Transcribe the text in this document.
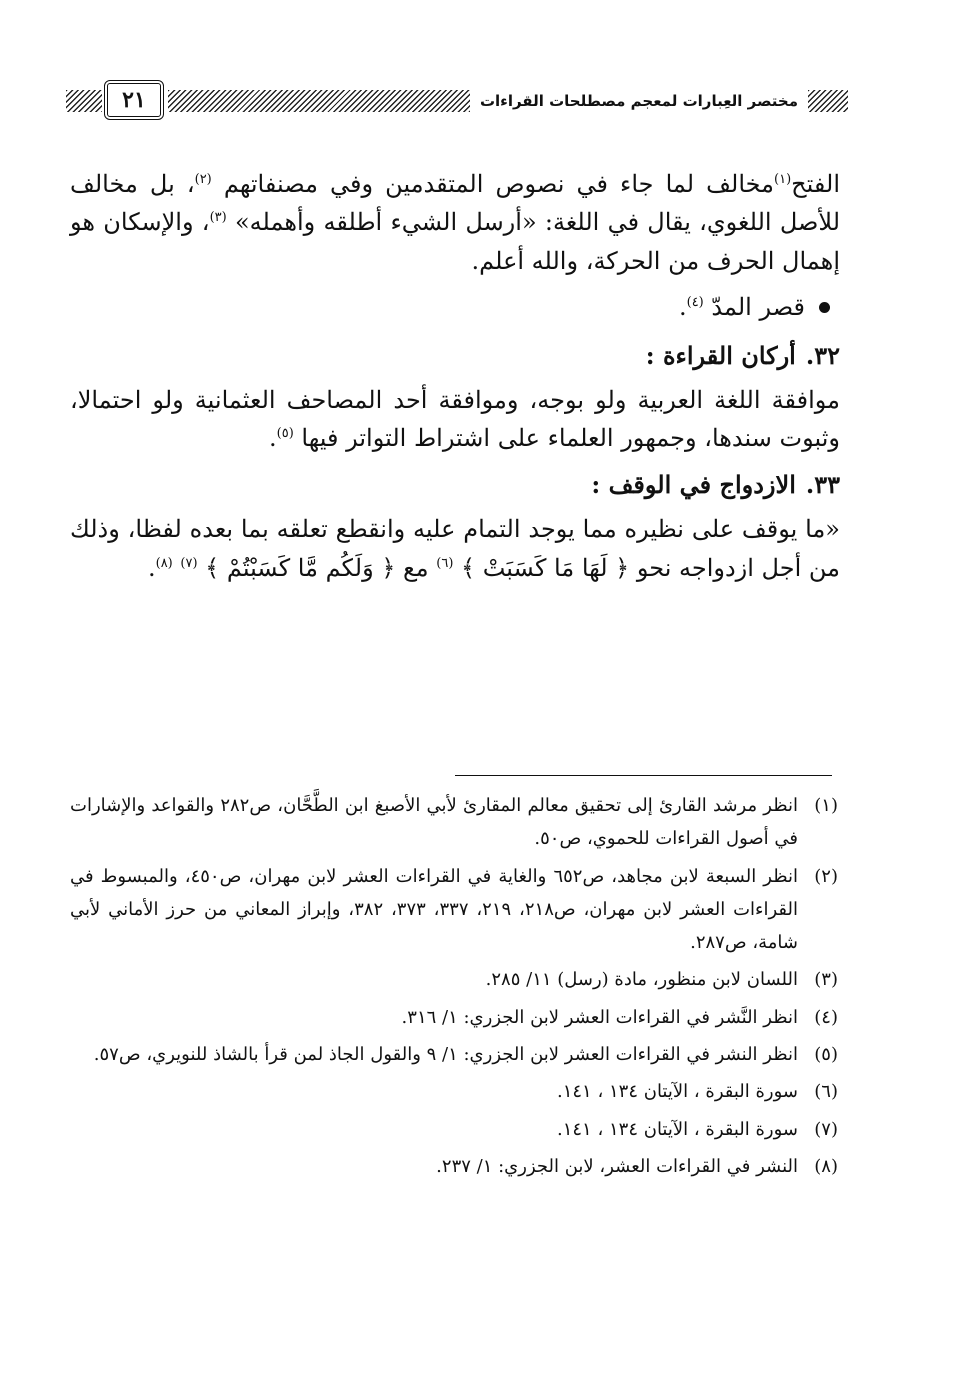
٢١	مختصر العِبارات لمعجم مصطلحات القراءات

الفتح$^{(١)}$مخالف لما جاء في نصوص المتقدمين وفي مصنفاتهم $^{(٢)}$، بل مخالف للأصل اللغوي، يقال في اللغة: «أرسل الشيء أطلقه وأهمله» $^{(٣)}$، والإسكان هو إهمال الحرف من الحركة، والله أعلم.

قصر المدّ $^{(٤)}$.
٣٢.أركان القراءة :

موافقة اللغة العربية ولو بوجه، وموافقة أحد المصاحف العثمانية ولو احتمالا، وثبوت سندها، وجمهور العلماء على اشتراط التواتر فيها $^{(٥)}$.

٣٣.الازدواج في الوقف :

«ما يوقف على نظيره مما يوجد التمام عليه وانقطع تعلقه بما بعده لفظا، وذلك من أجل ازدواجه نحو ﴿ لَهَا مَا كَسَبَتْ ﴾ $^{(٦)}$ مع ﴿ وَلَكُم مَّا كَسَبْتُمْ ﴾ $^{(٧)}$ $^{(٨)}$.

(١)
انظر مرشد القارئ إلى تحقيق معالم المقارئ لأبي الأصبغ ابن الطَّحَّان، ص٢٨٢ والقواعد والإشارات في أصول القراءات للحموي، ص٥٠.
(٢)
انظر السبعة لابن مجاهد، ص٦٥٢ والغاية في القراءات العشر لابن مهران، ص٤٥٠، والمبسوط في القراءات العشر لابن مهران، ص٢١٨، ٢١٩، ٣٣٧، ٣٧٣، ٣٨٢، وإبراز المعاني من حرز الأماني لأبي شامة، ص٢٨٧.
(٣)
اللسان لابن منظور، مادة (رسل) ١١/ ٢٨٥.
(٤)
انظر النَّشر في القراءات العشر لابن الجزري: ١/ ٣١٦.
(٥)
انظر النشر في القراءات العشر لابن الجزري: ١/ ٩ والقول الجاذ لمن قرأ بالشاذ للنويري، ص٥٧.
(٦)
سورة البقرة ، الآيتان ١٣٤ ، ١٤١.
(٧)
سورة البقرة ، الآيتان ١٣٤ ، ١٤١.
(٨)
النشر في القراءات العشر، لابن الجزري: ١/ ٢٣٧.
